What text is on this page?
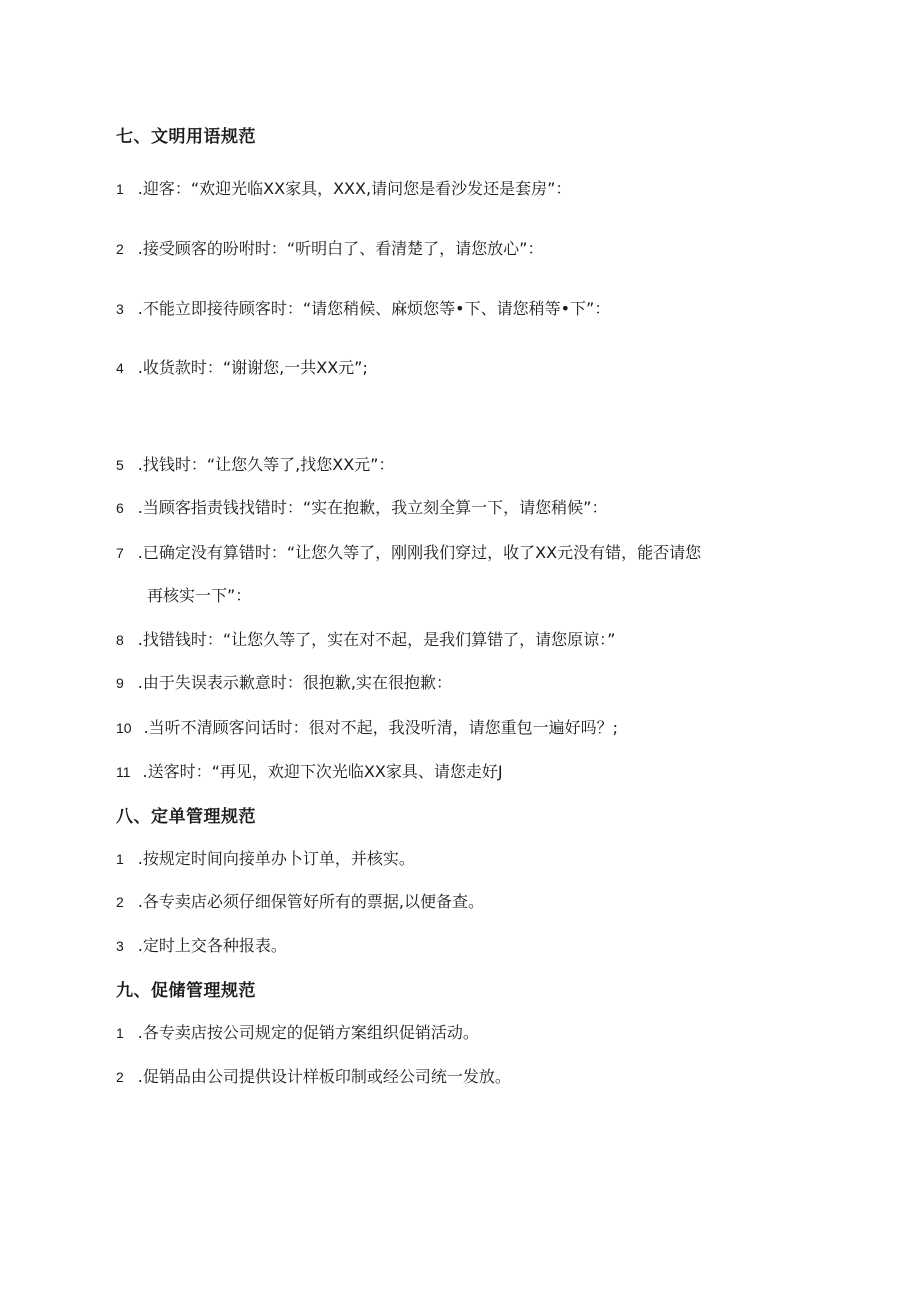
七、文明用语规范
1 .迎客：“欢迎光临XX家具，XXX,请问您是看沙发还是套房”：
2 .接受顾客的吩咐时：“听明白了、看清楚了，请您放心”：
3 .不能立即接待顾客时：“请您稍候、麻烦您等•下、请您稍等•下”：
4 .收货款时：“谢谢您,一共XX元”;
5 .找钱时：“让您久等了,找您XX元”：
6 .当顾客指责钱找错时：“实在抱歉，我立刻全算一下，请您稍候”：
7 .已确定没有算错时：“让您久等了，刚刚我们穿过，收了XX元没有错，能否请您
再核实一下”：
8 .找错钱时：“让您久等了，实在对不起，是我们算错了，请您原谅：”
9 .由于失误表示歉意时：很抱歉,实在很抱歉：
10 .当听不清顾客问话时：很对不起，我没听清，请您重包一遍好吗？;
11 .送客时：“再见，欢迎下次光临XX家具、请您走好J
八、定单管理规范
1 .按规定时间向接单办卜订单，并核实。
2 .各专卖店必须仔细保管好所有的票据,以便备查。
3 .定时上交各种报表。
九、促储管理规范
1 .各专卖店按公司规定的促销方案组织促销活动。
2 .促销品由公司提供设计样板印制或经公司统一发放。
